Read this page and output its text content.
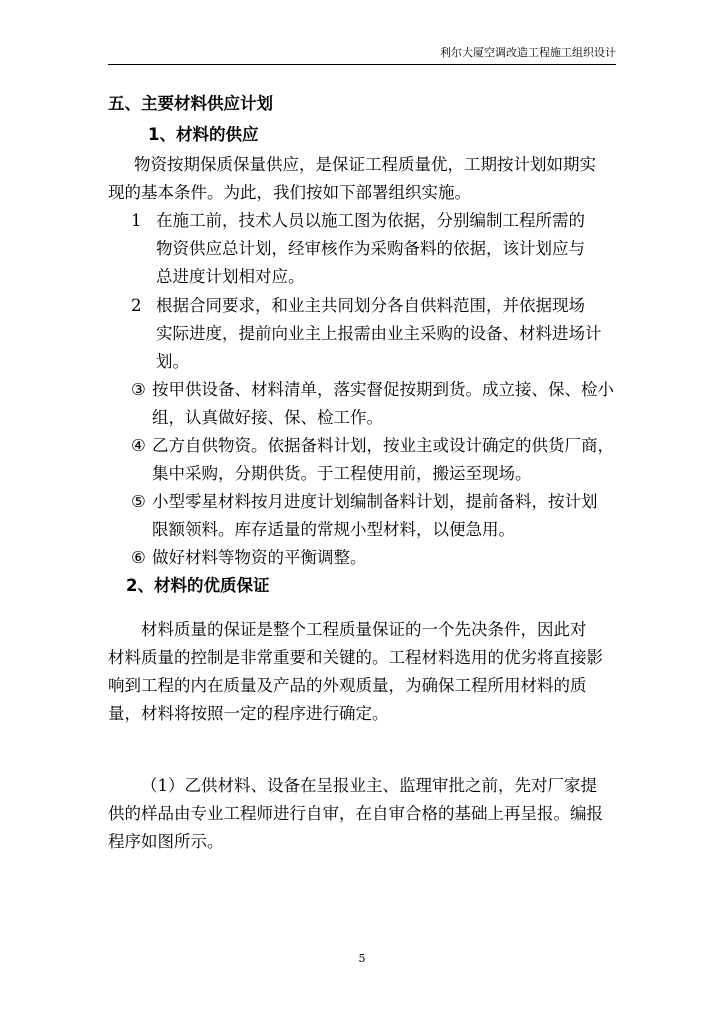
利尔大厦空调改造工程施工组织设计
五、主要材料供应计划
1、材料的供应
物资按期保质保量供应，是保证工程质量优，工期按计划如期实
现的基本条件。为此，我们按如下部署组织实施。
1 在施工前，技术人员以施工图为依据，分别编制工程所需的
物资供应总计划，经审核作为采购备料的依据，该计划应与
总进度计划相对应。
2 根据合同要求，和业主共同划分各自供料范围，并依据现场
实际进度，提前向业主上报需由业主采购的设备、材料进场计
划。
③ 按甲供设备、材料清单，落实督促按期到货。成立接、保、检小
组，认真做好接、保、检工作。
④ 乙方自供物资。依据备料计划，按业主或设计确定的供货厂商，
集中采购，分期供货。于工程使用前，搬运至现场。
⑤ 小型零星材料按月进度计划编制备料计划，提前备料，按计划
限额领料。库存适量的常规小型材料，以便急用。
⑥ 做好材料等物资的平衡调整。
2、材料的优质保证
材料质量的保证是整个工程质量保证的一个先决条件，因此对
材料质量的控制是非常重要和关键的。工程材料选用的优劣将直接影
响到工程的内在质量及产品的外观质量，为确保工程所用材料的质
量，材料将按照一定的程序进行确定。
（1）乙供材料、设备在呈报业主、监理审批之前，先对厂家提
供的样品由专业工程师进行自审，在自审合格的基础上再呈报。编报
程序如图所示。
5
